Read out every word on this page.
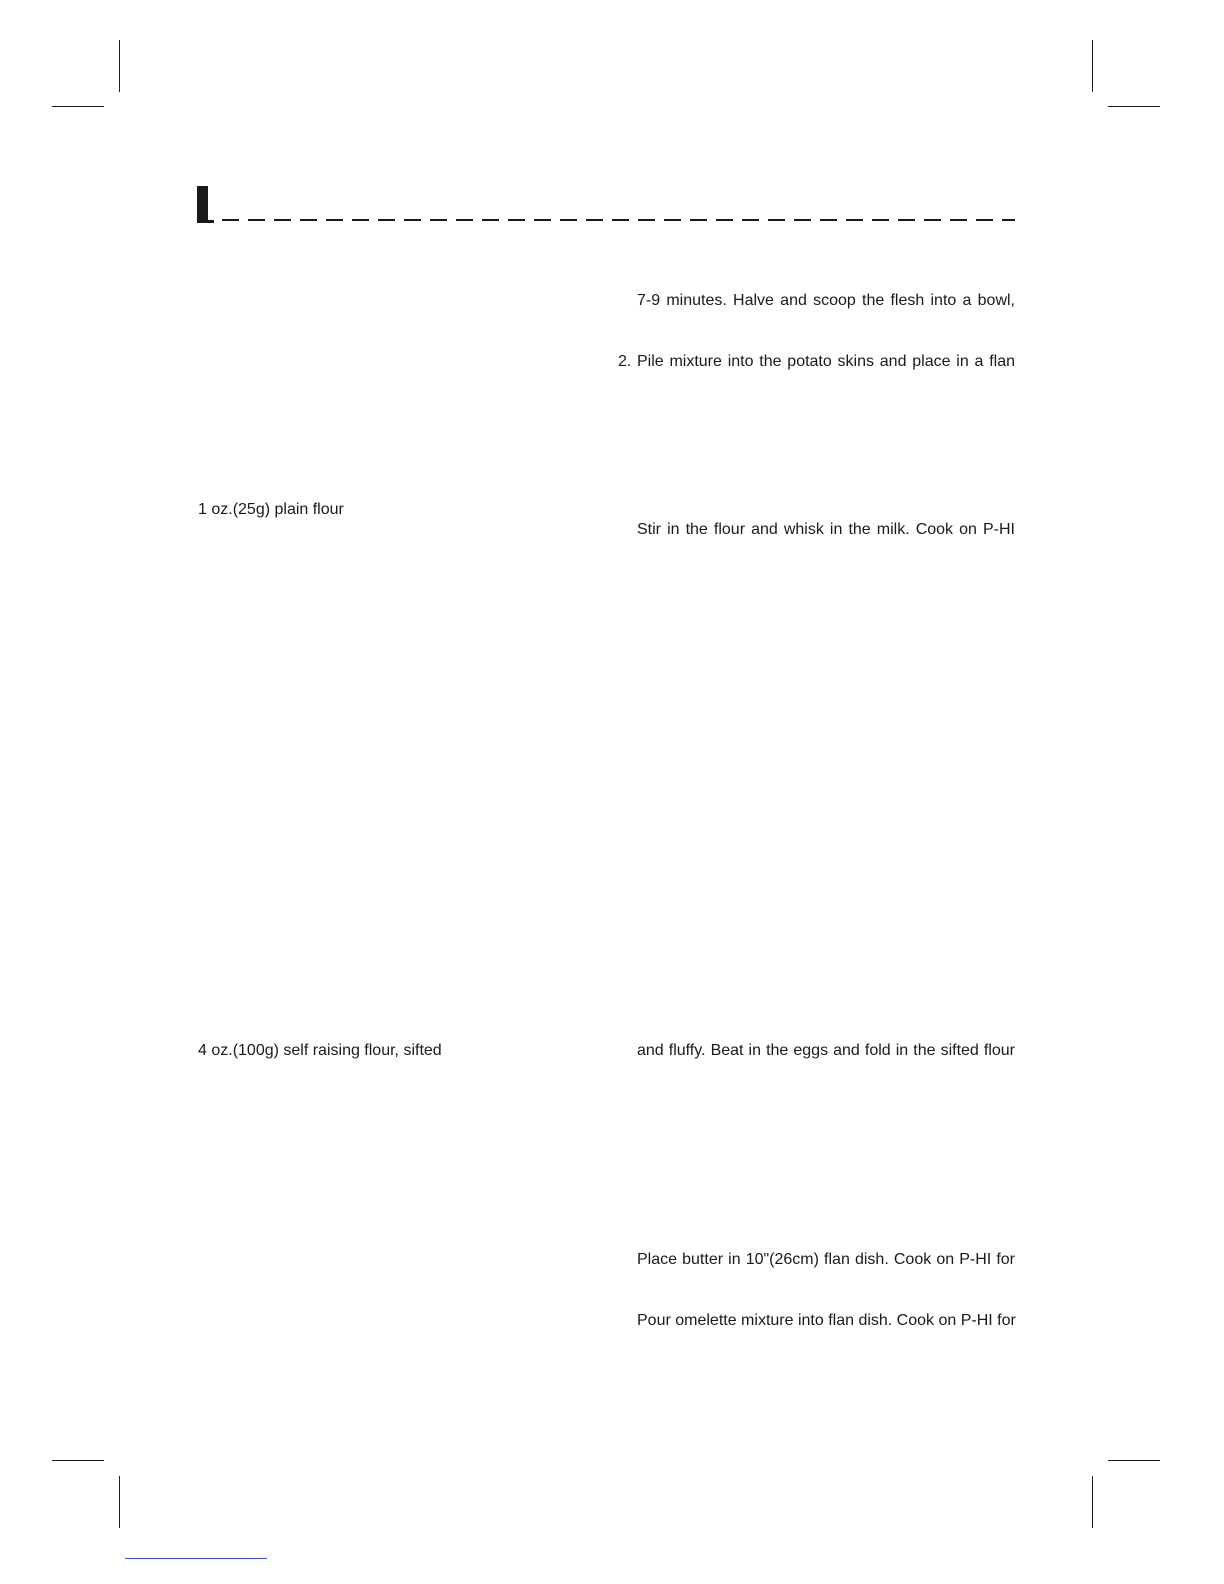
7-9 minutes. Halve and scoop the flesh into a bowl,
2. Pile mixture into the potato skins and place in a flan
1 oz.(25g) plain flour
Stir in the flour and whisk in the milk. Cook on P-HI
4 oz.(100g) self raising flour, sifted	and fluffy. Beat in the eggs and fold in the sifted flour
Place butter in 10"(26cm) flan dish. Cook on P-HI for
Pour omelette mixture into flan dish. Cook on P-HI for
